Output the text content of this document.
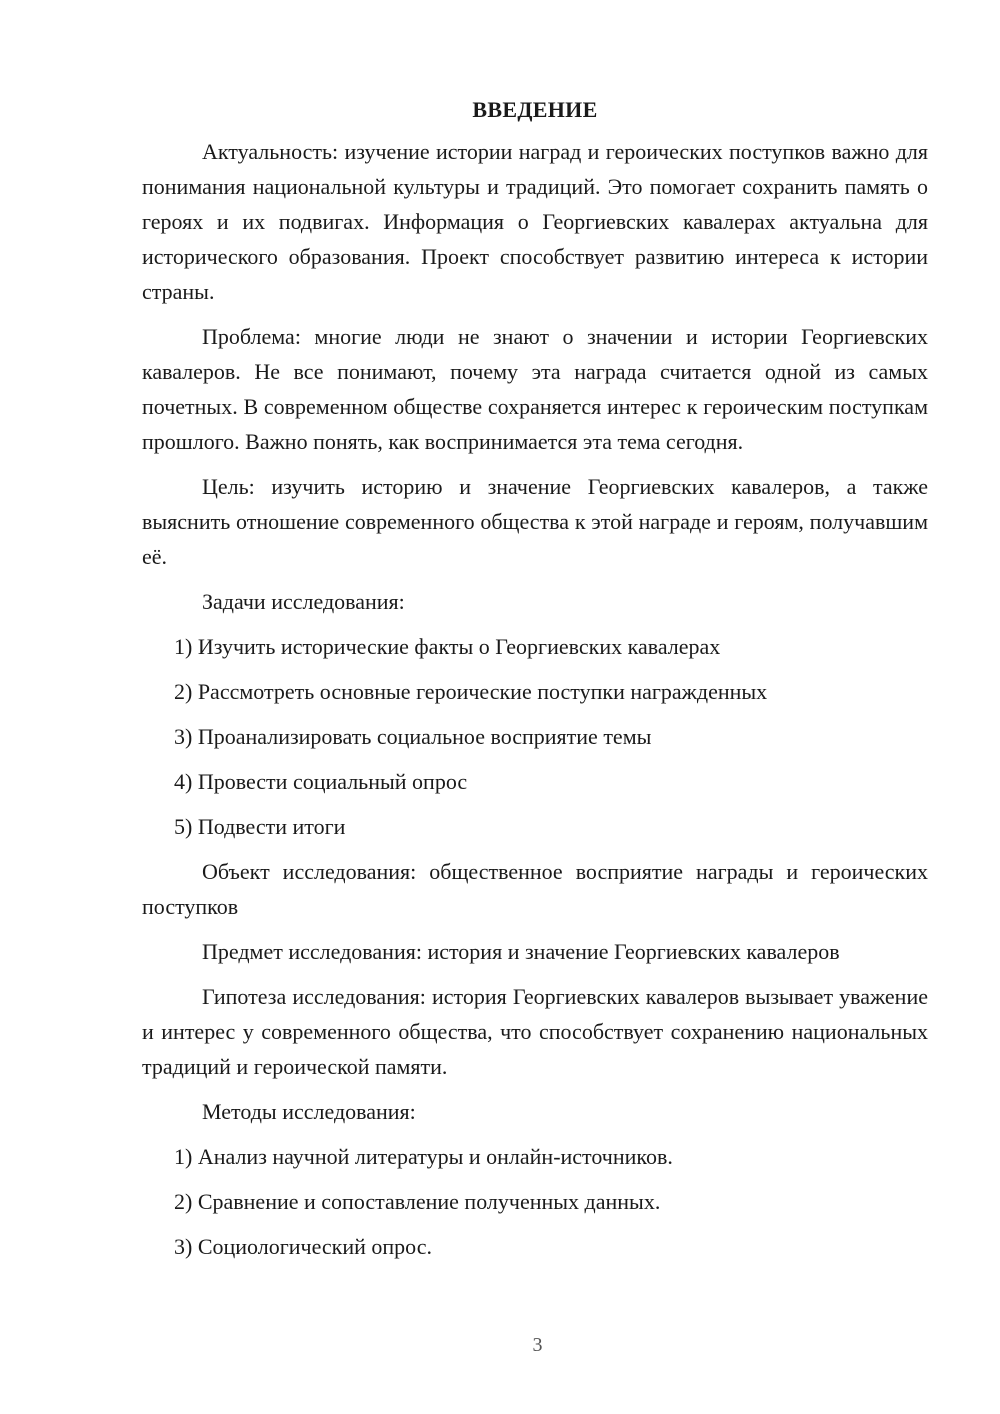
ВВЕДЕНИЕ

Актуальность: изучение истории наград и героических поступков важно для понимания национальной культуры и традиций. Это помогает сохранить память о героях и их подвигах. Информация о Георгиевских кавалерах актуальна для исторического образования. Проект способствует развитию интереса к истории страны.

Проблема: многие люди не знают о значении и истории Георгиевских кавалеров. Не все понимают, почему эта награда считается одной из самых почетных. В современном обществе сохраняется интерес к героическим поступкам прошлого. Важно понять, как воспринимается эта тема сегодня.

Цель: изучить историю и значение Георгиевских кавалеров, а также выяснить отношение современного общества к этой награде и героям, получавшим её.

Задачи исследования:

1) Изучить исторические факты о Георгиевских кавалерах
2) Рассмотреть основные героические поступки награжденных
3) Проанализировать социальное восприятие темы
4) Провести социальный опрос
5) Подвести итоги

Объект исследования: общественное восприятие награды и героических поступков

Предмет исследования: история и значение Георгиевских кавалеров

Гипотеза исследования: история Георгиевских кавалеров вызывает уважение и интерес у современного общества, что способствует сохранению национальных традиций и героической памяти.

Методы исследования:

1) Анализ научной литературы и онлайн-источников.
2) Сравнение и сопоставление полученных данных.
3) Социологический опрос.
3
